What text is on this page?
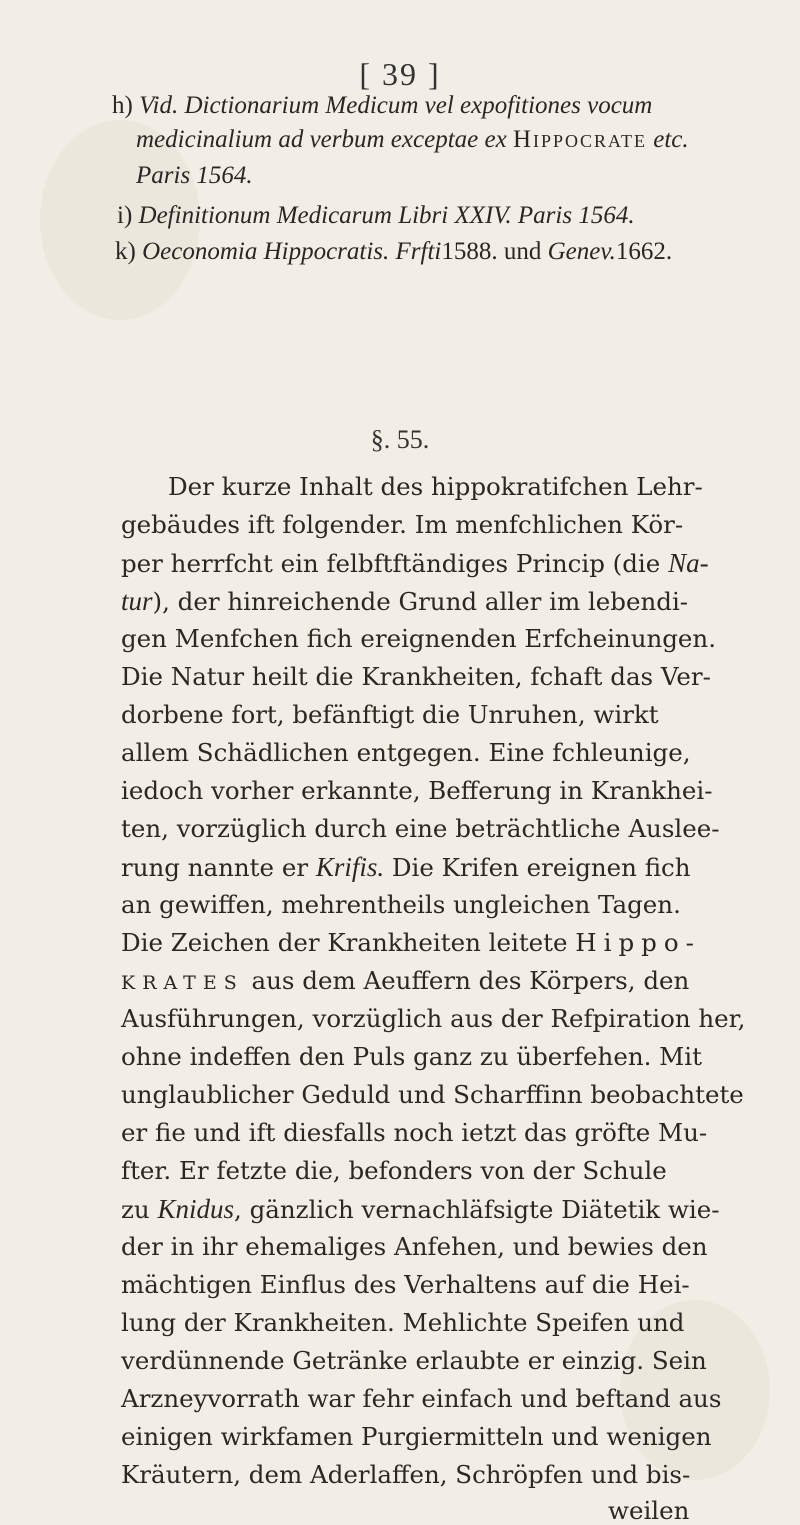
[ 39 ]
h) Vid. Dictionarium Medicum vel expofitiones vocum
medicinalium ad verbum exceptae ex Hippocrate etc.
Paris 1564.
i) Definitionum Medicarum Libri XXIV. Paris 1564.
k) Oeconomia Hippocratis. Frfti1588. und Genev.1662.
§. 55.
Der kurze Inhalt des hippokratifchen Lehr-
gebäudes ift folgender. Im menfchlichen Kör-
per herrfcht ein felbftftändiges Princip (die Na-
tur), der hinreichende Grund aller im lebendi-
gen Menfchen fich ereignenden Erfcheinungen.
Die Natur heilt die Krankheiten, fchaft das Ver-
dorbene fort, befänftigt die Unruhen, wirkt
allem Schädlichen entgegen. Eine fchleunige,
iedoch vorher erkannte, Befferung in Krankhei-
ten, vorzüglich durch eine beträchtliche Auslee-
rung nannte er Krifis. Die Krifen ereignen fich
an gewiffen, mehrentheils ungleichen Tagen.
Die Zeichen der Krankheiten leitete Hippo-
KRATES aus dem Aeuffern des Körpers, den
Ausführungen, vorzüglich aus der Refpiration her,
ohne indeffen den Puls ganz zu überfehen. Mit
unglaublicher Geduld und Scharffinn beobachtete
er fie und ift diesfalls noch ietzt das gröfte Mu-
fter. Er fetzte die, befonders von der Schule
zu Knidus, gänzlich vernachläfsigte Diätetik wie-
der in ihr ehemaliges Anfehen, und bewies den
mächtigen Einflus des Verhaltens auf die Hei-
lung der Krankheiten. Mehlichte Speifen und
verdünnende Getränke erlaubte er einzig. Sein
Arzneyvorrath war fehr einfach und beftand aus
einigen wirkfamen Purgiermitteln und wenigen
Kräutern, dem Aderlaffen, Schröpfen und bis-
weilen
